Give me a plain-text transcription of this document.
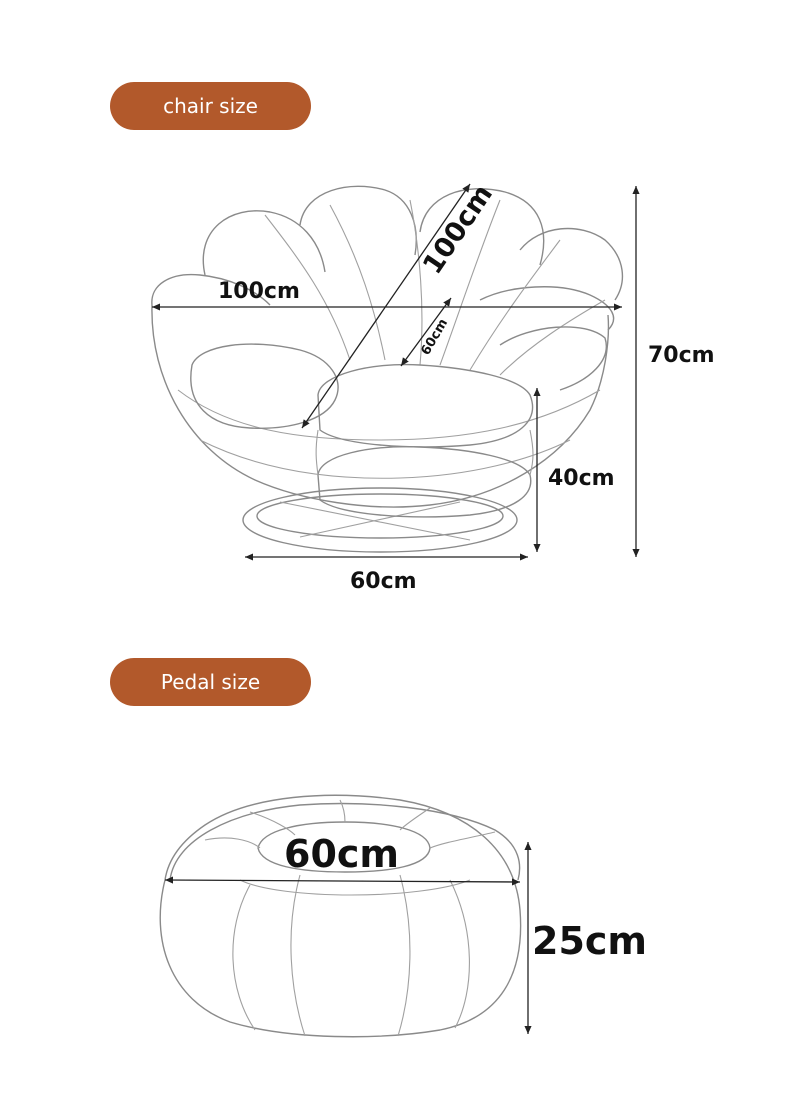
chair size
Pedal size
100cm
100cm
60cm	70cm
40cm
60cm
60cm
25cm
